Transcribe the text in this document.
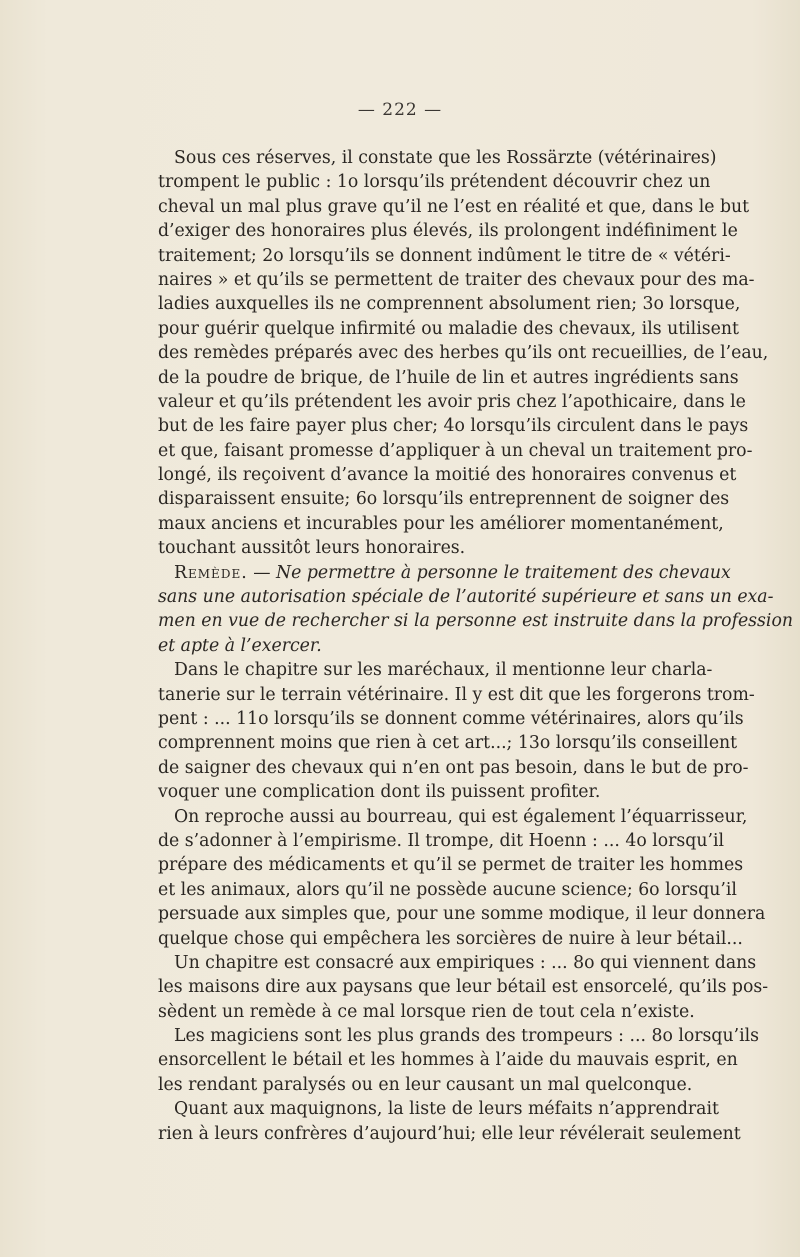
— 222 —
Sous ces réserves, il constate que les Rossärzte (vétérinaires)
trompent le public : 1o lorsqu’ils prétendent découvrir chez un
cheval un mal plus grave qu’il ne l’est en réalité et que, dans le but
d’exiger des honoraires plus élevés, ils prolongent indéfiniment le
traitement; 2o lorsqu’ils se donnent indûment le titre de « vétéri-
naires » et qu’ils se permettent de traiter des chevaux pour des ma-
ladies auxquelles ils ne comprennent absolument rien; 3o lorsque,
pour guérir quelque infirmité ou maladie des chevaux, ils utilisent
des remèdes préparés avec des herbes qu’ils ont recueillies, de l’eau,
de la poudre de brique, de l’huile de lin et autres ingrédients sans
valeur et qu’ils prétendent les avoir pris chez l’apothicaire, dans le
but de les faire payer plus cher; 4o lorsqu’ils circulent dans le pays
et que, faisant promesse d’appliquer à un cheval un traitement pro-
longé, ils reçoivent d’avance la moitié des honoraires convenus et
disparaissent ensuite; 6o lorsqu’ils entreprennent de soigner des
maux anciens et incurables pour les améliorer momentanément,
touchant aussitôt leurs honoraires.
Remède. — Ne permettre à personne le traitement des chevaux
sans une autorisation spéciale de l’autorité supérieure et sans un exa-
men en vue de rechercher si la personne est instruite dans la profession
et apte à l’exercer.
Dans le chapitre sur les maréchaux, il mentionne leur charla-
tanerie sur le terrain vétérinaire. Il y est dit que les forgerons trom-
pent : ... 11o lorsqu’ils se donnent comme vétérinaires, alors qu’ils
comprennent moins que rien à cet art...; 13o lorsqu’ils conseillent
de saigner des chevaux qui n’en ont pas besoin, dans le but de pro-
voquer une complication dont ils puissent profiter.
On reproche aussi au bourreau, qui est également l’équarrisseur,
de s’adonner à l’empirisme. Il trompe, dit Hoenn : ... 4o lorsqu’il
prépare des médicaments et qu’il se permet de traiter les hommes
et les animaux, alors qu’il ne possède aucune science; 6o lorsqu’il
persuade aux simples que, pour une somme modique, il leur donnera
quelque chose qui empêchera les sorcières de nuire à leur bétail...
Un chapitre est consacré aux empiriques : ... 8o qui viennent dans
les maisons dire aux paysans que leur bétail est ensorcelé, qu’ils pos-
sèdent un remède à ce mal lorsque rien de tout cela n’existe.
Les magiciens sont les plus grands des trompeurs : ... 8o lorsqu’ils
ensorcellent le bétail et les hommes à l’aide du mauvais esprit, en
les rendant paralysés ou en leur causant un mal quelconque.
Quant aux maquignons, la liste de leurs méfaits n’apprendrait
rien à leurs confrères d’aujourd’hui; elle leur révélerait seulement
